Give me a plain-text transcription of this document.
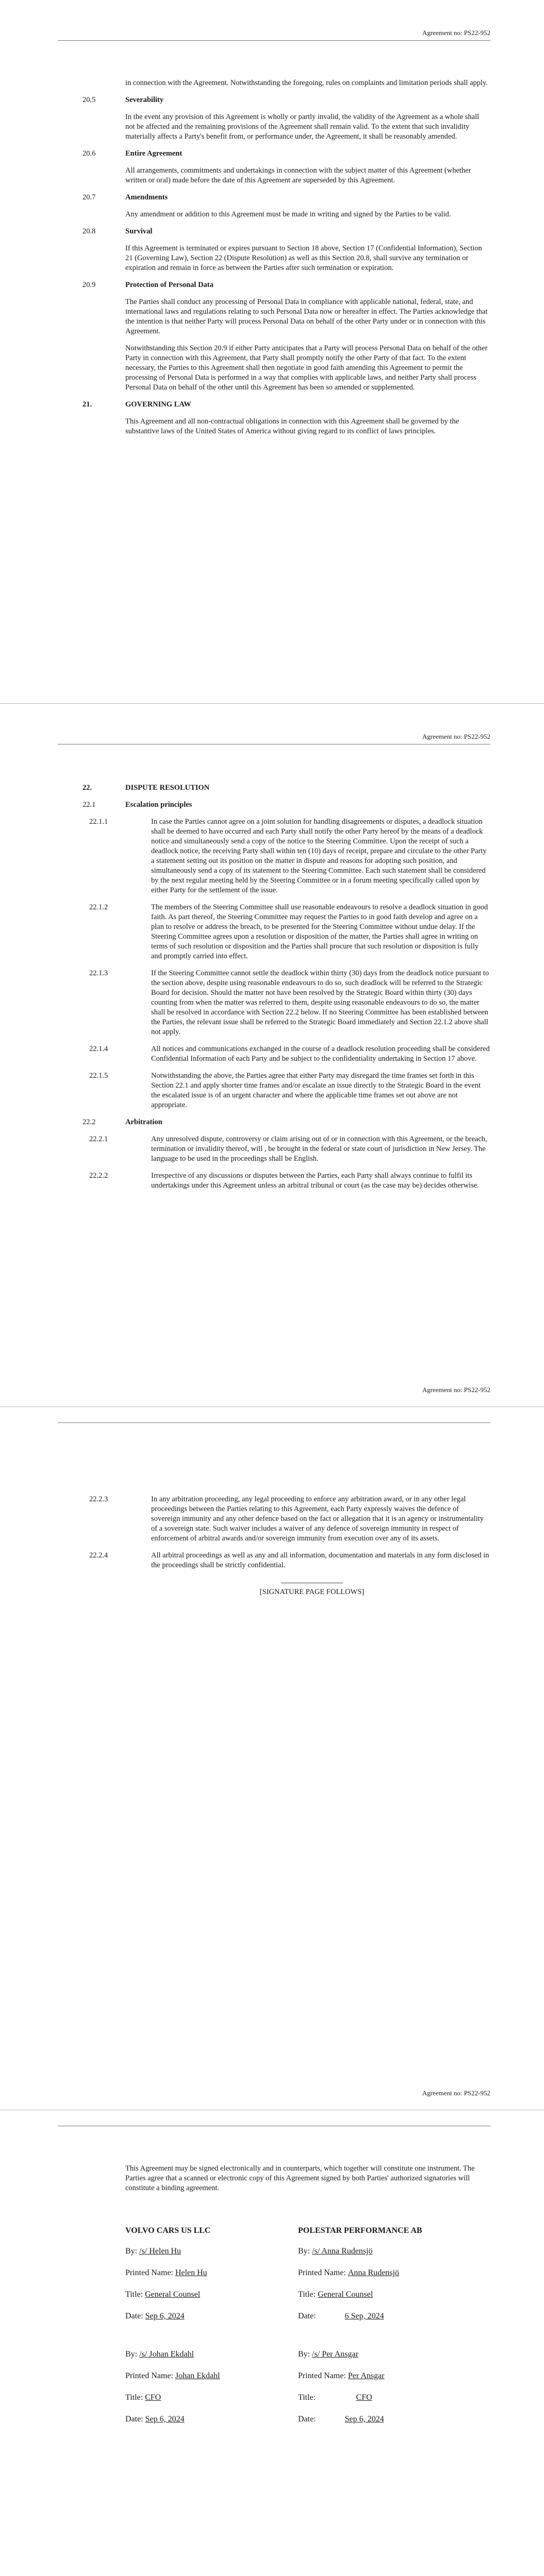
Agreement no: PS22-952

in connection with the Agreement. Notwithstanding the foregoing, rules on complaints and limitation periods shall apply.

20.5	Severability

In the event any provision of this Agreement is wholly or partly invalid, the validity of the Agreement as a whole shall not be affected and the remaining provisions of the Agreement shall remain valid. To the extent that such invalidity materially affects a Party's benefit from, or performance under, the Agreement, it shall be reasonably amended.

20.6	Entire Agreement

All arrangements, commitments and undertakings in connection with the subject matter of this Agreement (whether written or oral) made before the date of this Agreement are superseded by this Agreement.

20.7	Amendments

Any amendment or addition to this Agreement must be made in writing and signed by the Parties to be valid.

20.8	Survival

If this Agreement is terminated or expires pursuant to Section 18 above, Section 17 (Confidential Information), Section 21 (Governing Law), Section 22 (Dispute Resolution) as well as this Section 20.8, shall survive any termination or expiration and remain in force as between the Parties after such termination or expiration.

20.9	Protection of Personal Data

The Parties shall conduct any processing of Personal Data in compliance with applicable national, federal, state, and international laws and regulations relating to such Personal Data now or hereafter in effect. The Parties acknowledge that the intention is that neither Party will process Personal Data on behalf of the other Party under or in connection with this Agreement.

Notwithstanding this Section 20.9 if either Party anticipates that a Party will process Personal Data on behalf of the other Party in connection with this Agreement, that Party shall promptly notify the other Party of that fact. To the extent necessary, the Parties to this Agreement shall then negotiate in good faith amending this Agreement to permit the processing of Personal Data is performed in a way that complies with applicable laws, and neither Party shall process Personal Data on behalf of the other until this Agreement has been so amended or supplemented.

21.	GOVERNING LAW

This Agreement and all non-contractual obligations in connection with this Agreement shall be governed by the substantive laws of the United States of America without giving regard to its conflict of laws principles.

Agreement no: PS22-952
22.	DISPUTE RESOLUTION
22.1	Escalation principles
22.1.1	In case the Parties cannot agree on a joint solution for handling disagreements or disputes, a deadlock situation shall be deemed to have occurred and each Party shall notify the other Party hereof by the means of a deadlock notice and simultaneously send a copy of the notice to the Steering Committee. Upon the receipt of such a deadlock notice, the receiving Party shall within ten (10) days of receipt, prepare and circulate to the other Party a statement setting out its position on the matter in dispute and reasons for adopting such position, and simultaneously send a copy of its statement to the Steering Committee. Each such statement shall be considered by the next regular meeting held by the Steering Committee or in a forum meeting specifically called upon by either Party for the settlement of the issue.
22.1.2	The members of the Steering Committee shall use reasonable endeavours to resolve a deadlock situation in good faith. As part thereof, the Steering Committee may request the Parties to in good faith develop and agree on a plan to resolve or address the breach, to be presented for the Steering Committee without undue delay. If the Steering Committee agrees upon a resolution or disposition of the matter, the Parties shall agree in writing on terms of such resolution or disposition and the Parties shall procure that such resolution or disposition is fully and promptly carried into effect.
22.1.3	If the Steering Committee cannot settle the deadlock within thirty (30) days from the deadlock notice pursuant to the section above, despite using reasonable endeavours to do so, such deadlock will be referred to the Strategic Board for decision. Should the matter not have been resolved by the Strategic Board within thirty (30) days counting from when the matter was referred to them, despite using reasonable endeavours to do so, the matter shall be resolved in accordance with Section 22.2 below. If no Steering Committee has been established between the Parties, the relevant issue shall be referred to the Strategic Board immediately and Section 22.1.2 above shall not apply.
22.1.4	All notices and communications exchanged in the course of a deadlock resolution proceeding shall be considered Confidential Information of each Party and be subject to the confidentiality undertaking in Section 17 above.
22.1.5	Notwithstanding the above, the Parties agree that either Party may disregard the time frames set forth in this Section 22.1 and apply shorter time frames and/or escalate an issue directly to the Strategic Board in the event the escalated issue is of an urgent character and where the applicable time frames set out above are not appropriate.
22.2	Arbitration
22.2.1	Any unresolved dispute, controversy or claim arising out of or in connection with this Agreement, or the breach, termination or invalidity thereof, will , be brought in the federal or state court of jurisdiction in New Jersey. The language to be used in the proceedings shall be English.
22.2.2	Irrespective of any discussions or disputes between the Parties, each Party shall always continue to fulfil its undertakings under this Agreement unless an arbitral tribunal or court (as the case may be) decides otherwise.
Agreement no: PS22-952
22.2.3	In any arbitration proceeding, any legal proceeding to enforce any arbitration award, or in any other legal proceedings between the Parties relating to this Agreement, each Party expressly waives the defence of sovereign immunity and any other defence based on the fact or allegation that it is an agency or instrumentality of a sovereign state. Such waiver includes a waiver of any defence of sovereign immunity in respect of enforcement of arbitral awards and/or sovereign immunity from execution over any of its assets.
22.2.4	All arbitral proceedings as well as any and all information, documentation and materials in any form disclosed in the proceedings shall be strictly confidential.

[SIGNATURE PAGE FOLLOWS]
Agreement no: PS22-952

This Agreement may be signed electronically and in counterparts, which together will constitute one instrument. The Parties agree that a scanned or electronic copy of this Agreement signed by both Parties' authorized signatories will constitute a binding agreement.

VOLVO CARS US LLC
By: /s/ Helen Hu
Printed Name: Helen Hu
Title: General Counsel
Date: Sep 6, 2024
By: /s/ Johan Ekdahl
Printed Name: Johan Ekdahl
Title: CFO
Date: Sep 6, 2024
POLESTAR PERFORMANCE AB
By: /s/ Anna Rudensjö
Printed Name: Anna Rudensjö
Title: General Counsel
Date:	6 Sep, 2024
By: /s/ Per Ansgar
Printed Name: Per Ansgar
Title:	CFO
Date:	Sep 6, 2024
